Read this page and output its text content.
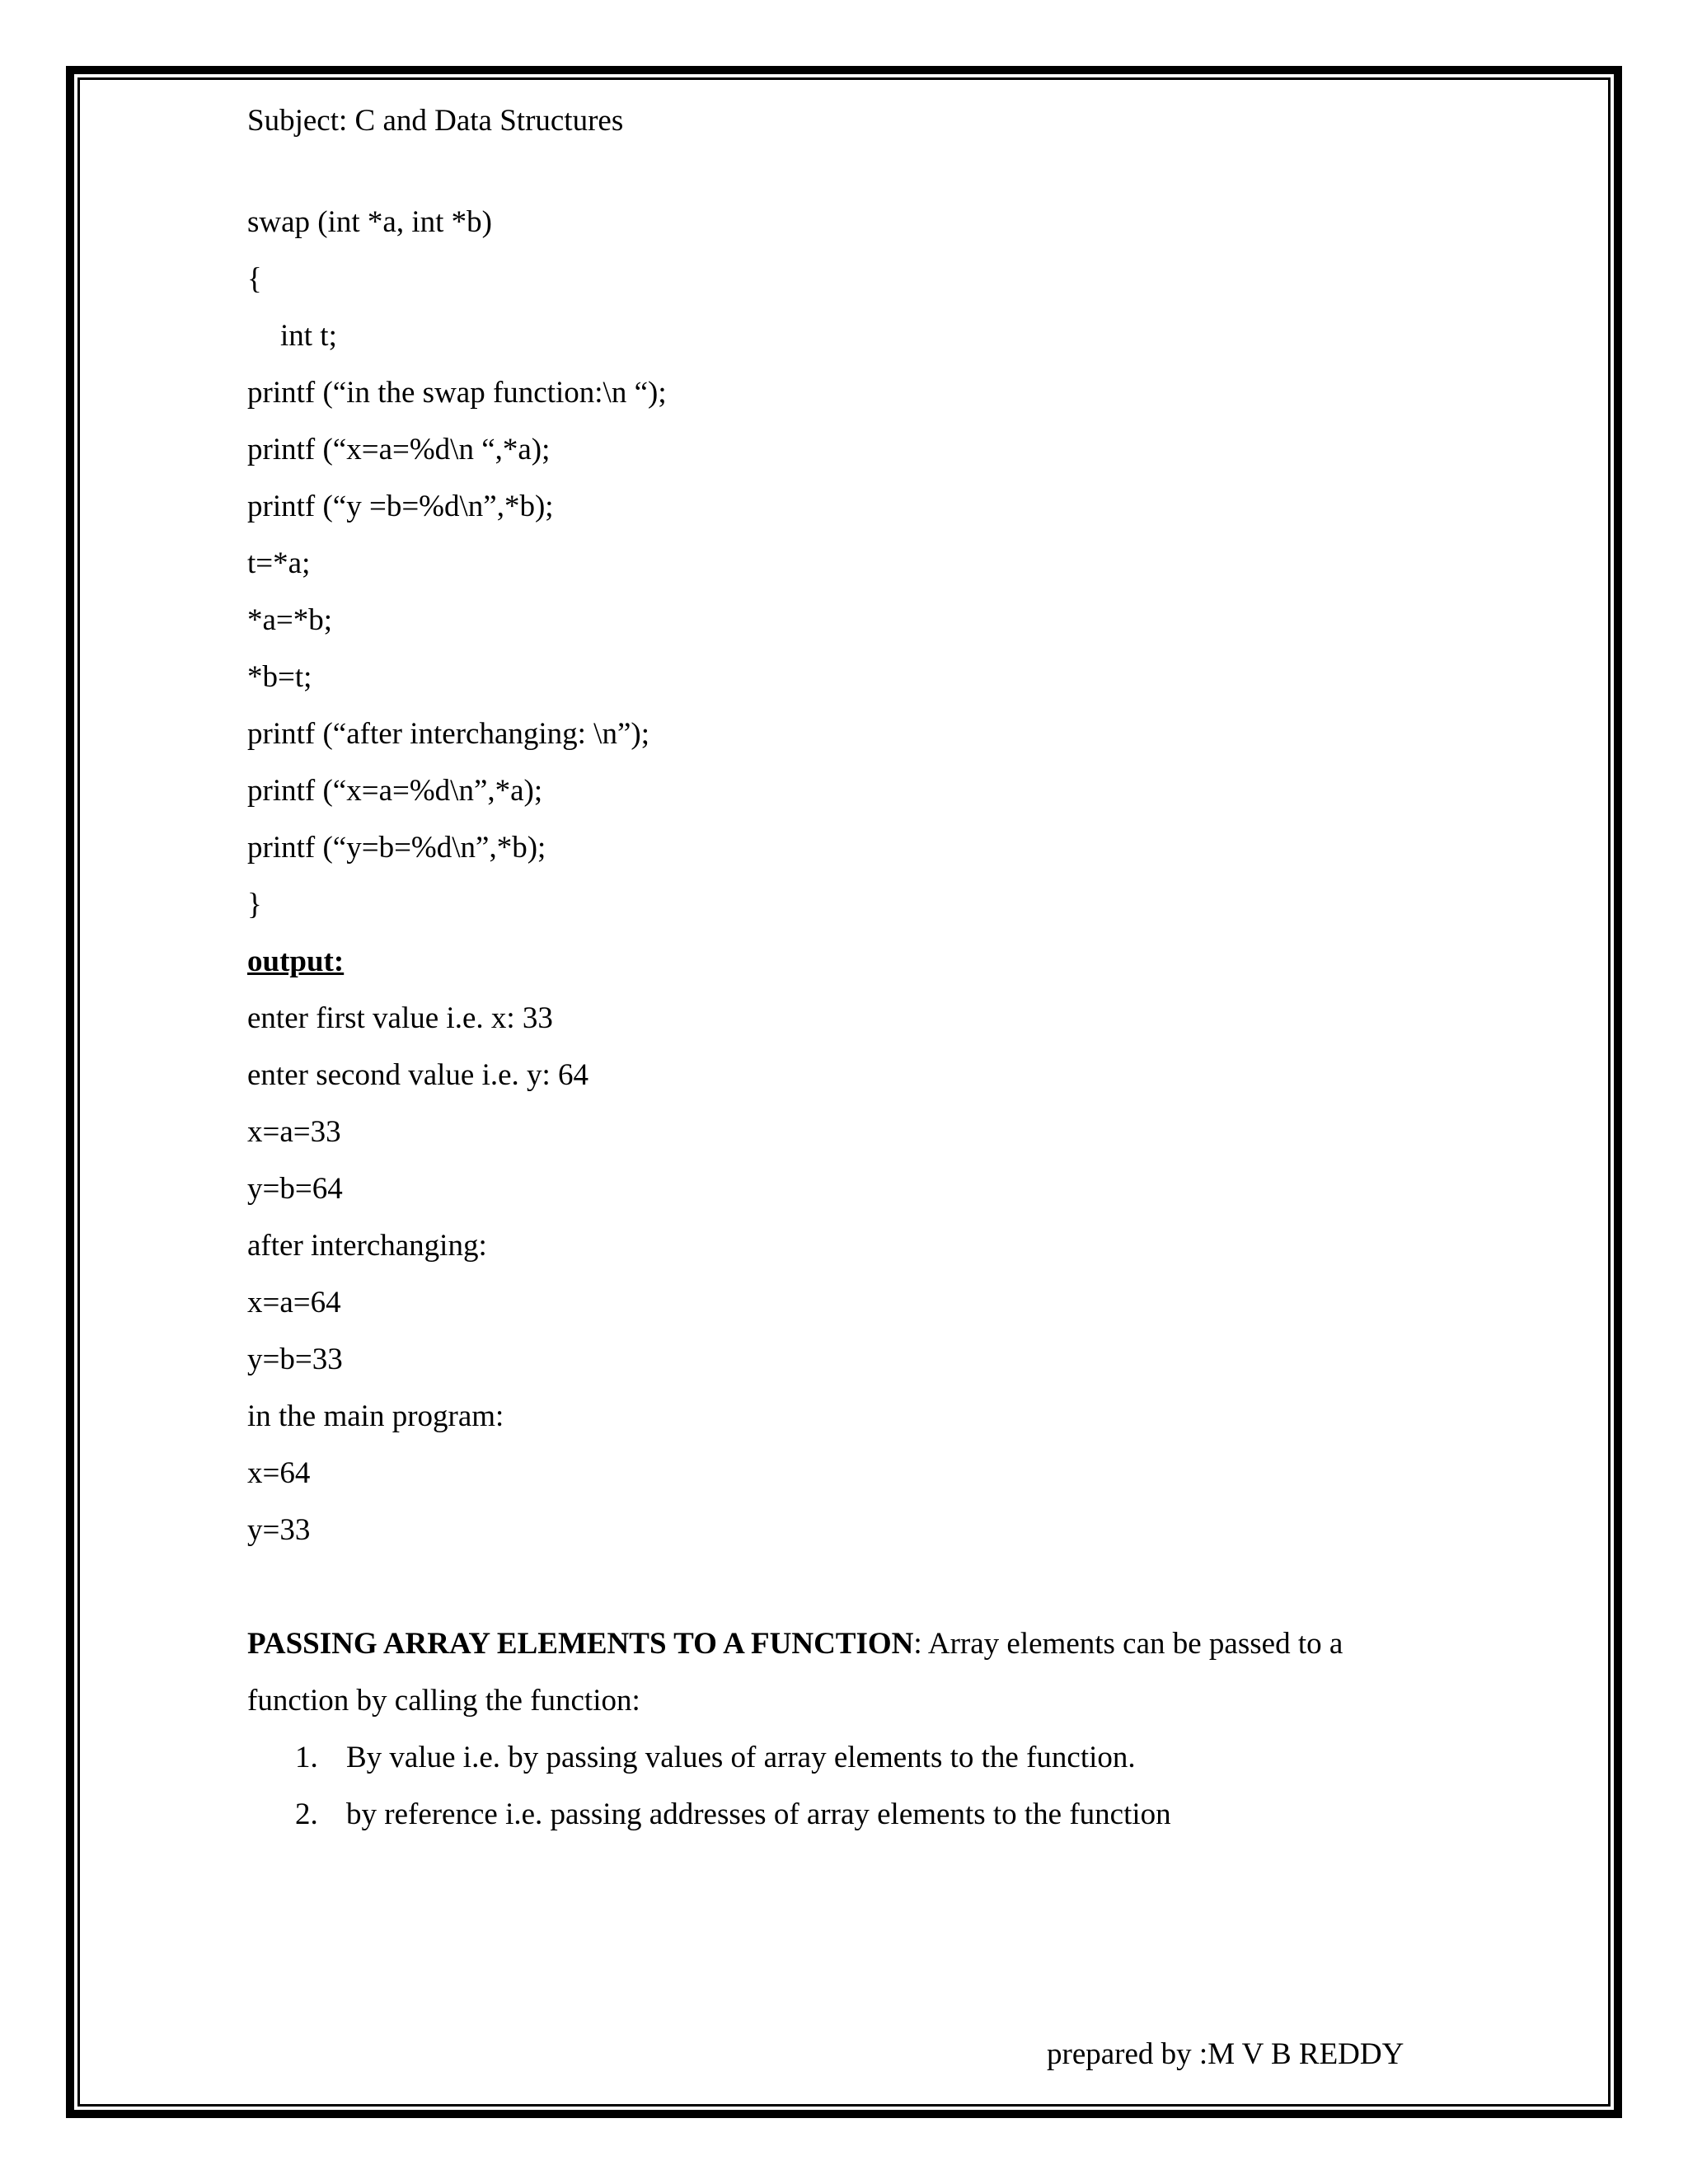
Subject: C and Data Structures
swap (int *a, int *b)
{
int t;
printf (“in the swap function:\n “);
printf (“x=a=%d\n “,*a);
printf (“y =b=%d\n”,*b);
t=*a;
*a=*b;
*b=t;
printf (“after interchanging: \n”);
printf (“x=a=%d\n”,*a);
printf (“y=b=%d\n”,*b);
}
output:
enter first value i.e. x: 33
enter second value i.e. y: 64
x=a=33
y=b=64
after interchanging:
x=a=64
y=b=33
in the main program:
x=64
y=33
PASSING ARRAY ELEMENTS TO A FUNCTION: Array elements can be passed to a function by calling the function:
1. By value i.e. by passing values of array elements to the function.
2. by reference i.e. passing addresses of array elements to the function
prepared by :M V B REDDY
